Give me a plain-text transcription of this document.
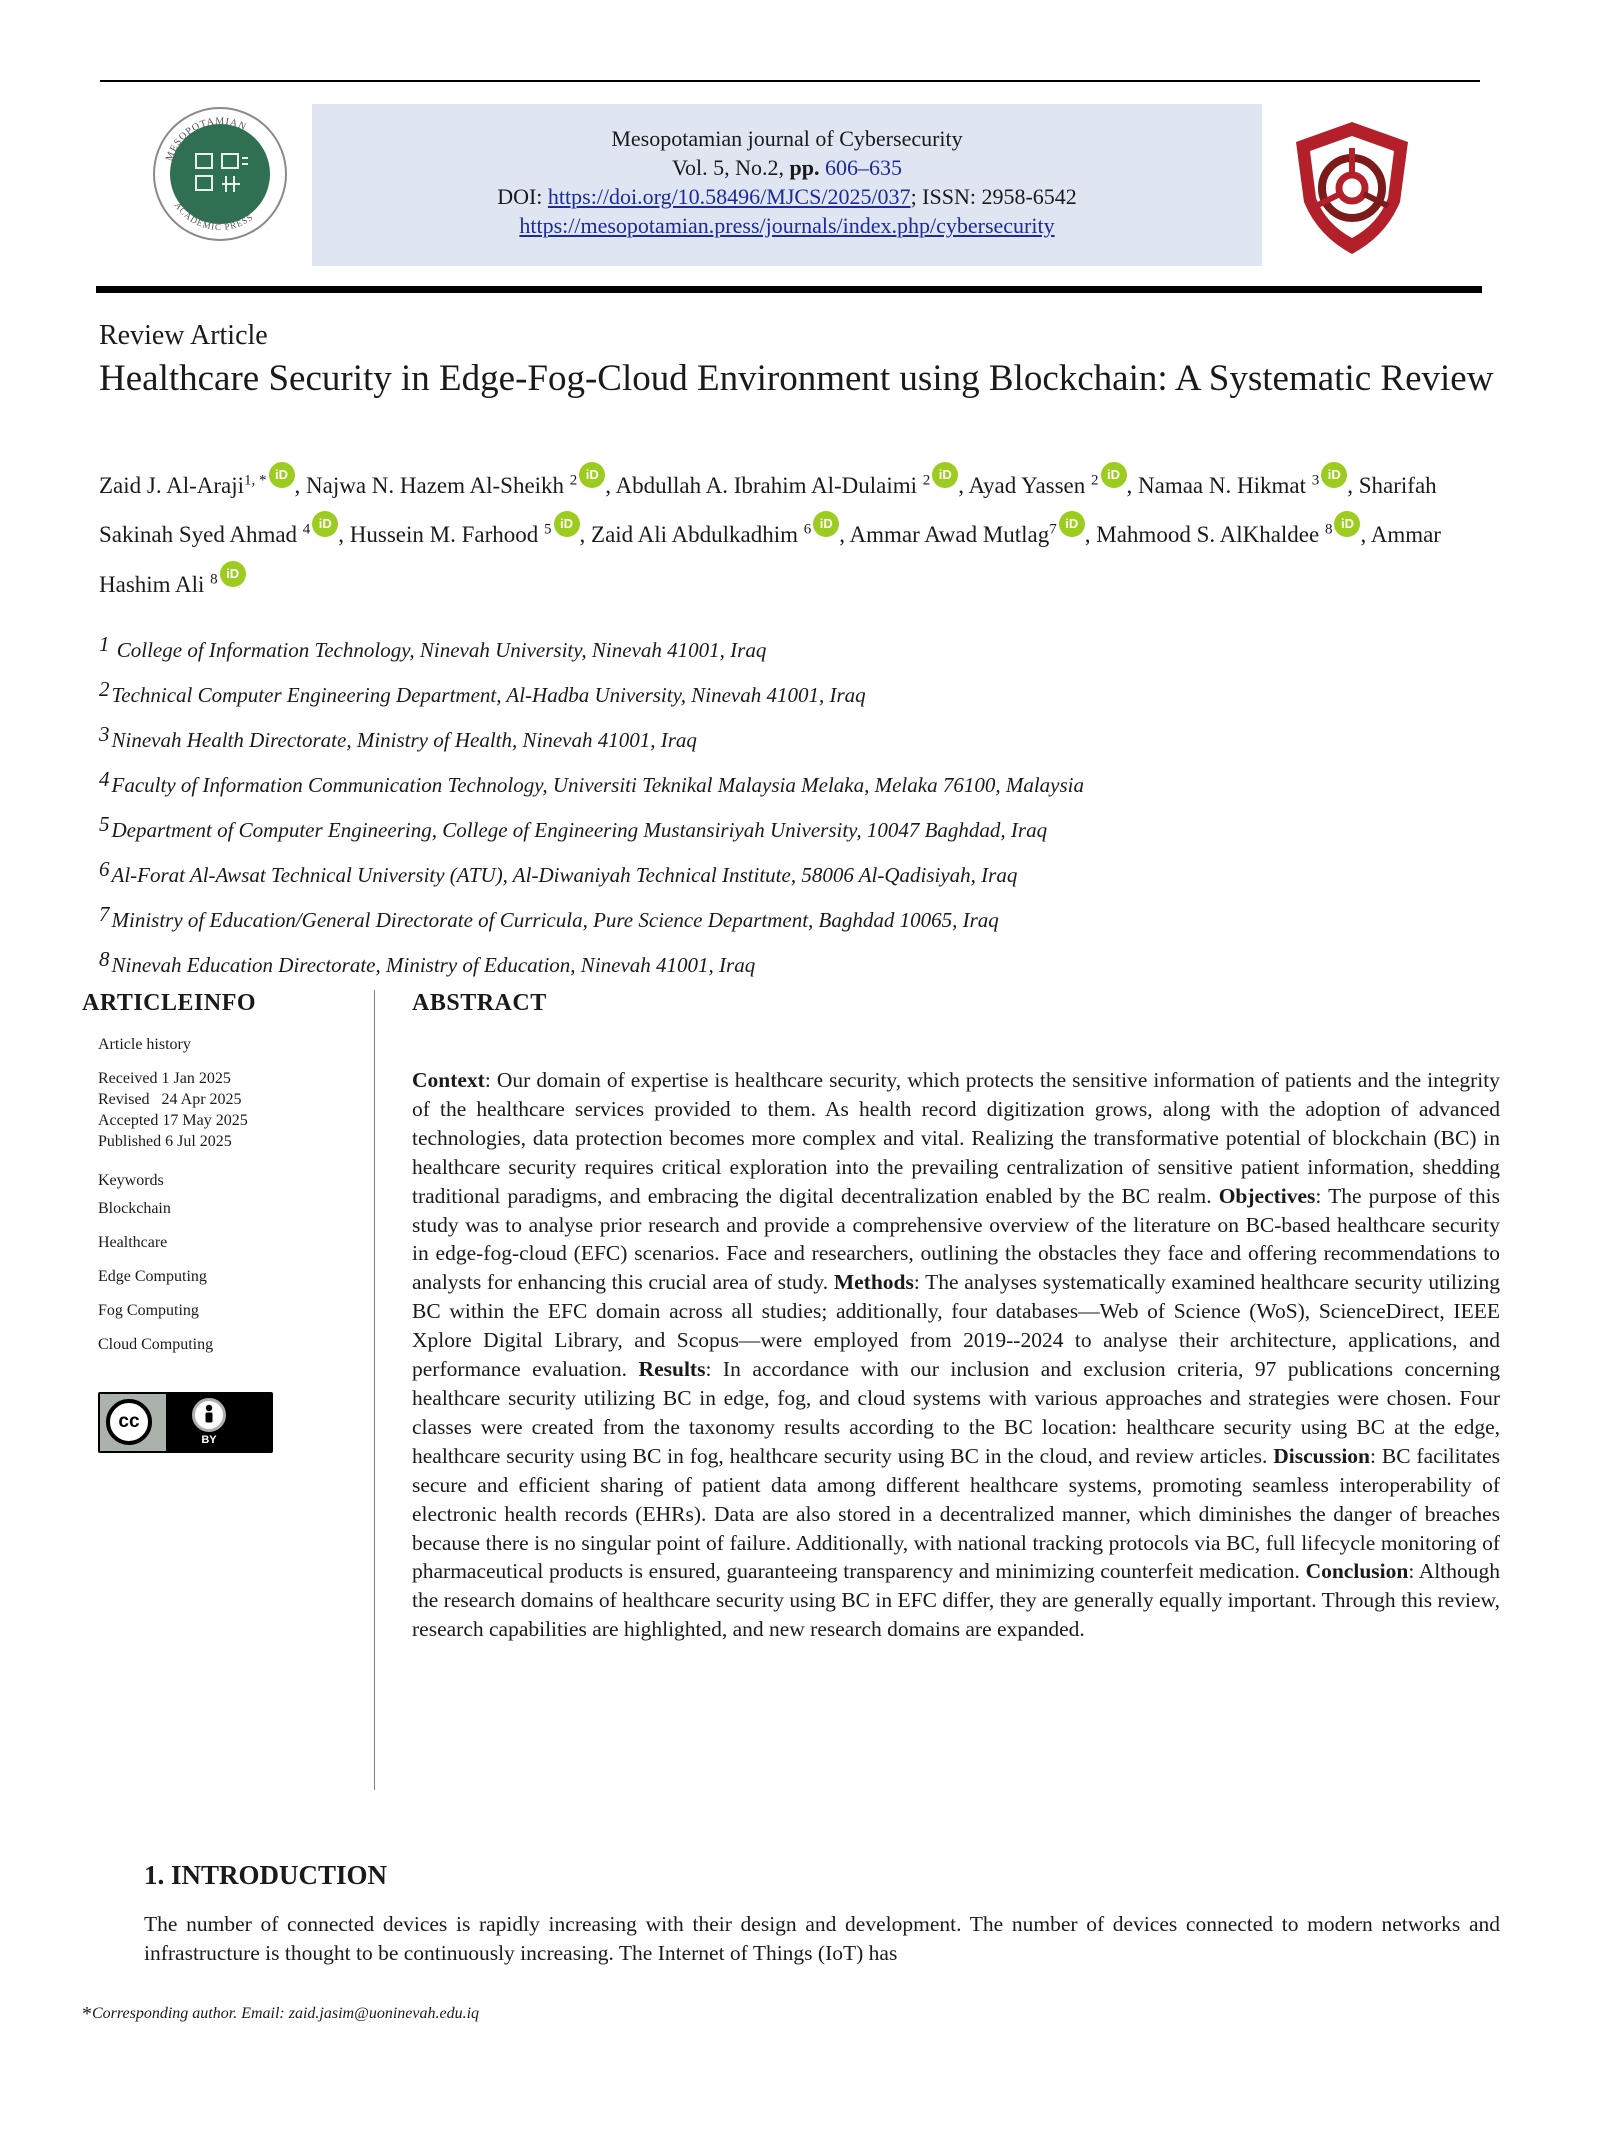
MESOPOTAMIAN
ACADEMIC PRESS
Mesopotamian journal of Cybersecurity
Vol. 5, No.2, pp. 606–635
DOI: https://doi.org/10.58496/MJCS/2025/037; ISSN: 2958-6542
https://mesopotamian.press/journals/index.php/cybersecurity
Review Article
Healthcare Security in Edge-Fog-Cloud Environment using Blockchain: A Systematic Review
Zaid J. Al-Araji$^{1, *}$ iD , Najwa N. Hazem Al-Sheikh $^2$ iD , Abdullah A. Ibrahim Al-Dulaimi $^2$ iD , Ayad Yassen $^2$ iD , Namaa N. Hikmat $^3$ iD , Sharifah Sakinah Syed Ahmad $^4$ iD , Hussein M. Farhood $^5$ iD , Zaid Ali Abdulkadhim $^6$ iD , Ammar Awad Mutlag$^7$ iD , Mahmood S. AlKhaldee $^8$ iD , Ammar Hashim Ali $^8$ iD
$^1$ College of Information Technology, Ninevah University, Ninevah 41001, Iraq
$^2$Technical Computer Engineering Department, Al-Hadba University, Ninevah 41001, Iraq
$^3$Ninevah Health Directorate, Ministry of Health, Ninevah 41001, Iraq
$^4$Faculty of Information Communication Technology, Universiti Teknikal Malaysia Melaka, Melaka 76100, Malaysia
$^5$Department of Computer Engineering, College of Engineering Mustansiriyah University, 10047 Baghdad, Iraq
$^6$Al-Forat Al-Awsat Technical University (ATU), Al-Diwaniyah Technical Institute, 58006 Al-Qadisiyah, Iraq
$^7$Ministry of Education/General Directorate of Curricula, Pure Science Department, Baghdad 10065, Iraq
$^8$Ninevah Education Directorate, Ministry of Education, Ninevah 41001, Iraq
ARTICLEINFO
Article history
Received 1 Jan 2025
Revised   24 Apr 2025
Accepted 17 May 2025
Published 6 Jul 2025
Keywords
Blockchain
Healthcare
Edge Computing
Fog Computing
Cloud Computing
cc
BY
ABSTRACT
Context: Our domain of expertise is healthcare security, which protects the sensitive information of patients and the integrity of the healthcare services provided to them. As health record digitization grows, along with the adoption of advanced technologies, data protection becomes more complex and vital. Realizing the transformative potential of blockchain (BC) in healthcare security requires critical exploration into the prevailing centralization of sensitive patient information, shedding traditional paradigms, and embracing the digital decentralization enabled by the BC realm. Objectives: The purpose of this study was to analyse prior research and provide a comprehensive overview of the literature on BC-based healthcare security in edge-fog-cloud (EFC) scenarios. Face and researchers, outlining the obstacles they face and offering recommendations to analysts for enhancing this crucial area of study. Methods: The analyses systematically examined healthcare security utilizing BC within the EFC domain across all studies; additionally, four databases—Web of Science (WoS), ScienceDirect, IEEE Xplore Digital Library, and Scopus—were employed from 2019--2024 to analyse their architecture, applications, and performance evaluation. Results: In accordance with our inclusion and exclusion criteria, 97 publications concerning healthcare security utilizing BC in edge, fog, and cloud systems with various approaches and strategies were chosen. Four classes were created from the taxonomy results according to the BC location: healthcare security using BC at the edge, healthcare security using BC in fog, healthcare security using BC in the cloud, and review articles. Discussion: BC facilitates secure and efficient sharing of patient data among different healthcare systems, promoting seamless interoperability of electronic health records (EHRs). Data are also stored in a decentralized manner, which diminishes the danger of breaches because there is no singular point of failure. Additionally, with national tracking protocols via BC, full lifecycle monitoring of pharmaceutical products is ensured, guaranteeing transparency and minimizing counterfeit medication. Conclusion: Although the research domains of healthcare security using BC in EFC differ, they are generally equally important. Through this review, research capabilities are highlighted, and new research domains are expanded.
1. INTRODUCTION
The number of connected devices is rapidly increasing with their design and development. The number of devices connected to modern networks and infrastructure is thought to be continuously increasing. The Internet of Things (IoT) has
*Corresponding author. Email: zaid.jasim@uoninevah.edu.iq
